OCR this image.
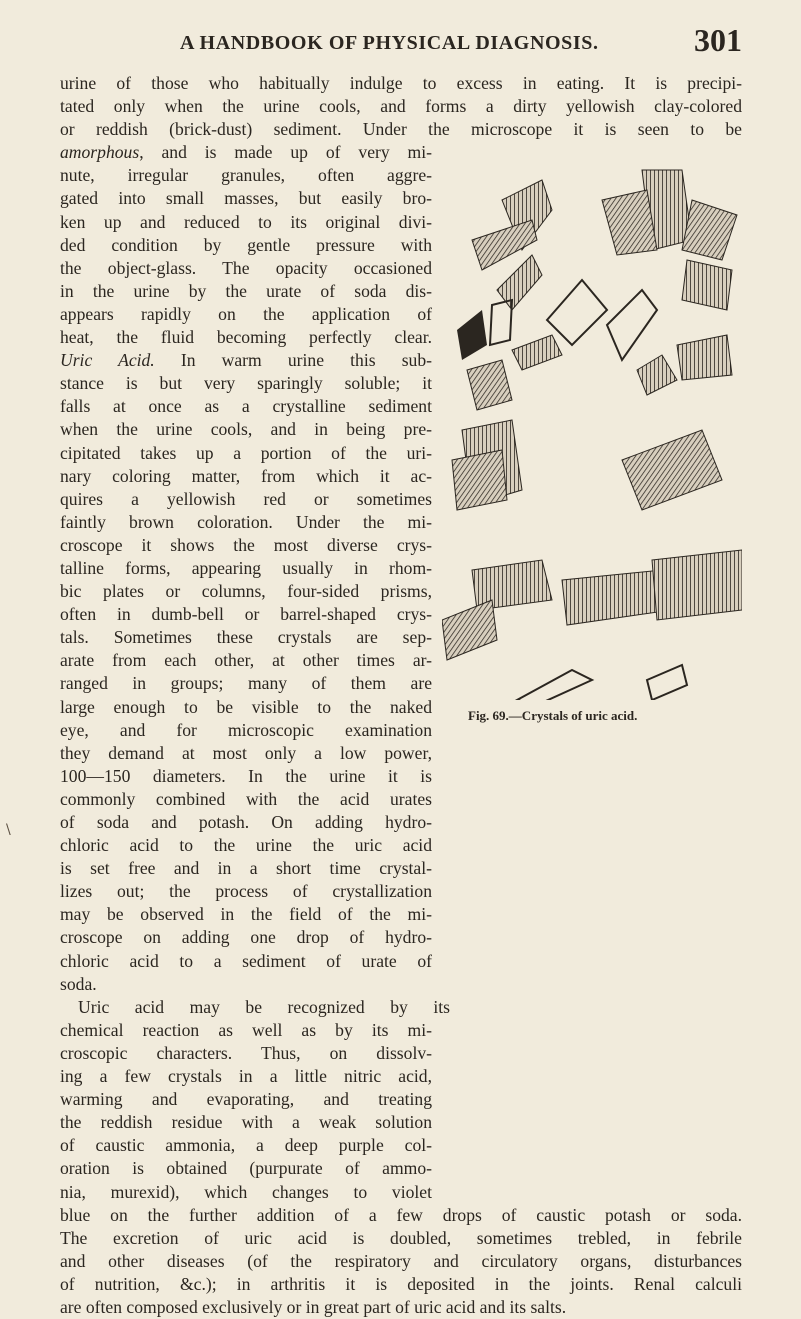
A HANDBOOK OF PHYSICAL DIAGNOSIS.	301
urine of those who habitually indulge to excess in eating. It is precipi-
tated only when the urine cools, and forms a dirty yellowish clay-colored
or reddish (brick-dust) sediment. Under the microscope it is seen to be
amorphous, and is made up of very mi-
nute, irregular granules, often aggre-
gated into small masses, but easily bro-
ken up and reduced to its original divi-
ded condition by gentle pressure with
the object-glass. The opacity occasioned
in the urine by the urate of soda dis-
appears rapidly on the application of
heat, the fluid becoming perfectly clear.
Uric Acid. In warm urine this sub-
stance is but very sparingly soluble; it
falls at once as a crystalline sediment
when the urine cools, and in being pre-
cipitated takes up a portion of the uri-
nary coloring matter, from which it ac-
quires a yellowish red or sometimes
faintly brown coloration. Under the mi-
croscope it shows the most diverse crys-
talline forms, appearing usually in rhom-
bic plates or columns, four-sided prisms,
often in dumb-bell or barrel-shaped crys-
tals. Sometimes these crystals are sep-
arate from each other, at other times ar-
ranged in groups; many of them are
large enough to be visible to the naked
eye, and for microscopic examination
they demand at most only a low power,
100—150 diameters. In the urine it is
commonly combined with the acid urates
of soda and potash. On adding hydro-
chloric acid to the urine the uric acid
is set free and in a short time crystal-
lizes out; the process of crystallization
may be observed in the field of the mi-
croscope on adding one drop of hydro-
chloric acid to a sediment of urate of
soda.
Uric acid may be recognized by its
chemical reaction as well as by its mi-
croscopic characters. Thus, on dissolv-
ing a few crystals in a little nitric acid,
warming and evaporating, and treating
the reddish residue with a weak solution
of caustic ammonia, a deep purple col-
oration is obtained (purpurate of ammo-
nia, murexid), which changes to violet
blue on the further addition of a few drops of caustic potash or soda.
The excretion of uric acid is doubled, sometimes trebled, in febrile
and other diseases (of the respiratory and circulatory organs, disturbances
of nutrition, &c.); in arthritis it is deposited in the joints. Renal calculi
are often composed exclusively or in great part of uric acid and its salts.
Fig. 69.—Crystals of uric acid.
\
